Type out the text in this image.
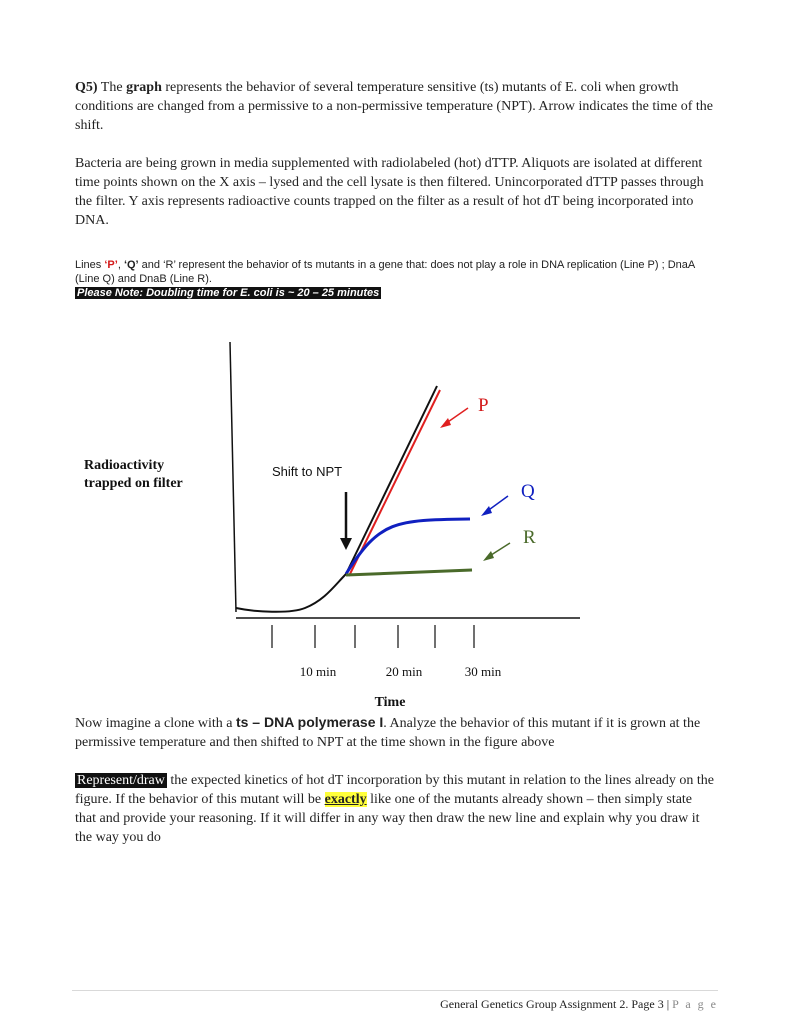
Q5) The graph represents the behavior of several temperature sensitive (ts) mutants of E. coli when growth conditions are changed from a permissive to a non-permissive temperature (NPT). Arrow indicates the time of the shift.
Bacteria are being grown in media supplemented with radiolabeled (hot) dTTP. Aliquots are isolated at different time points shown on the X axis – lysed and the cell lysate is then filtered. Unincorporated dTTP passes through the filter. Y axis represents radioactive counts trapped on the filter as a result of hot dT being incorporated into DNA.
Lines ‘P’, ‘Q’ and ‘R’ represent the behavior of ts mutants in a gene that: does not play a role in DNA replication (Line P) ; DnaA (Line Q) and DnaB (Line R).
Please Note: Doubling time for E. coli is ~ 20 – 25 minutes
P
Q
R
Shift to NPT
Radioactivity trapped on filter
10 min	20 min	30 min
Time
Now imagine a clone with a ts – DNA polymerase I. Analyze the behavior of this mutant if it is grown at the permissive temperature and then shifted to NPT at the time shown in the figure above
Represent/draw the expected kinetics of hot dT incorporation by this mutant in relation to the lines already on the figure. If the behavior of this mutant will be exactly like one of the mutants already shown – then simply state that and provide your reasoning. If it will differ in any way then draw the new line and explain why you draw it the way you do
General Genetics Group Assignment 2. Page 3 | P a g e
